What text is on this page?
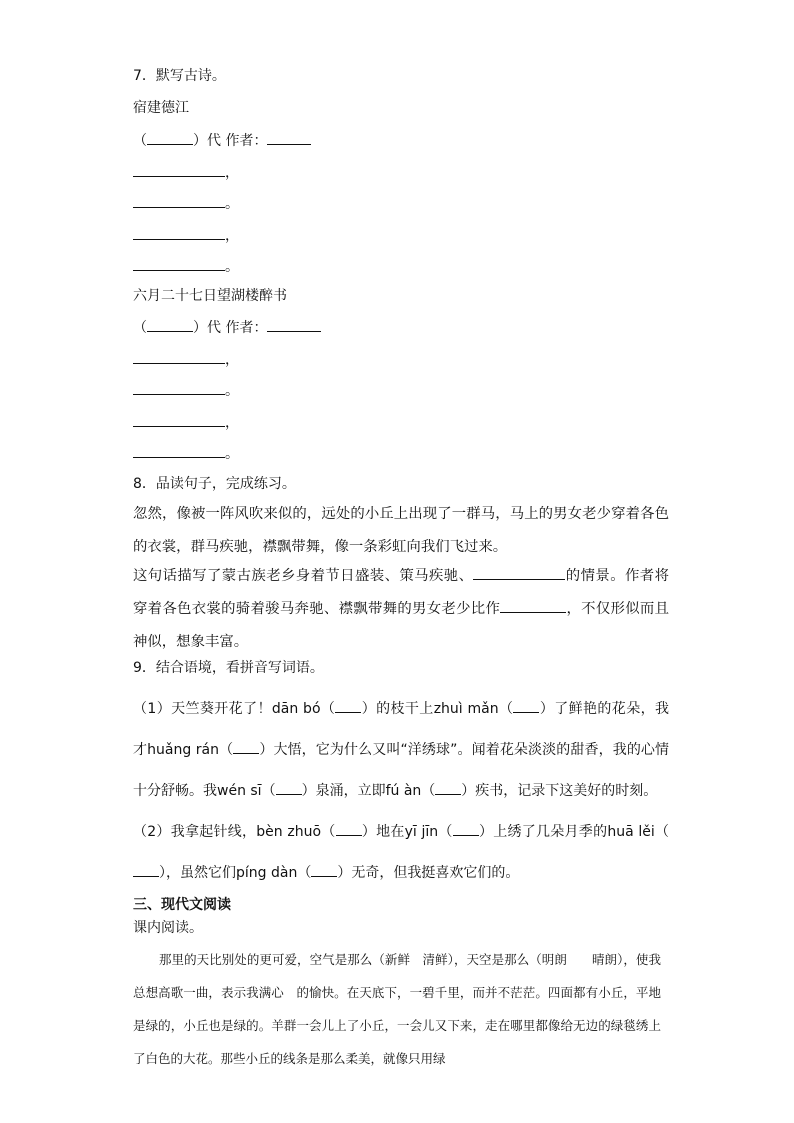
7．默写古诗。
宿建德江
（	）代 作者：
，
。
，
。
六月二十七日望湖楼醉书
（	）代 作者：
，
。
，
。
8．品读句子，完成练习。
忽然，像被一阵风吹来似的，远处的小丘上出现了一群马，马上的男女老少穿着各色的衣裳，群马疾驰，襟飘带舞，像一条彩虹向我们飞过来。
这句话描写了蒙古族老乡身着节日盛装、策马疾驰、	的情景。作者将穿着各色衣裳的骑着骏马奔驰、襟飘带舞的男女老少比作	，不仅形似而且神似，想象丰富。
9．结合语境，看拼音写词语。
（1）天竺葵开花了！dān bó（ ）的枝干上zhuì mǎn（ ）了鲜艳的花朵，我才huǎng rán（ ）大悟，它为什么又叫“洋绣球”。闻着花朵淡淡的甜香，我的心情十分舒畅。我wén sī（ ）泉涌，立即fú àn（ ）疾书，记录下这美好的时刻。
（2）我拿起针线，bèn zhuō（ ）地在yī jīn（ ）上绣了几朵月季的huā lěi（），虽然它们píng dàn（ ）无奇，但我挺喜欢它们的。
三、现代文阅读
课内阅读。

那里的天比别处的更可爱，空气是那么（新鲜　清鲜），天空是那么（明朗　　晴朗），使我总想高歌一曲，表示我满心　的愉快。在天底下，一碧千里，而并不茫茫。四面都有小丘，平地是绿的，小丘也是绿的。羊群一会儿上了小丘，一会儿又下来，走在哪里都像给无边的绿毯绣上了白色的大花。那些小丘的线条是那么柔美，就像只用绿
